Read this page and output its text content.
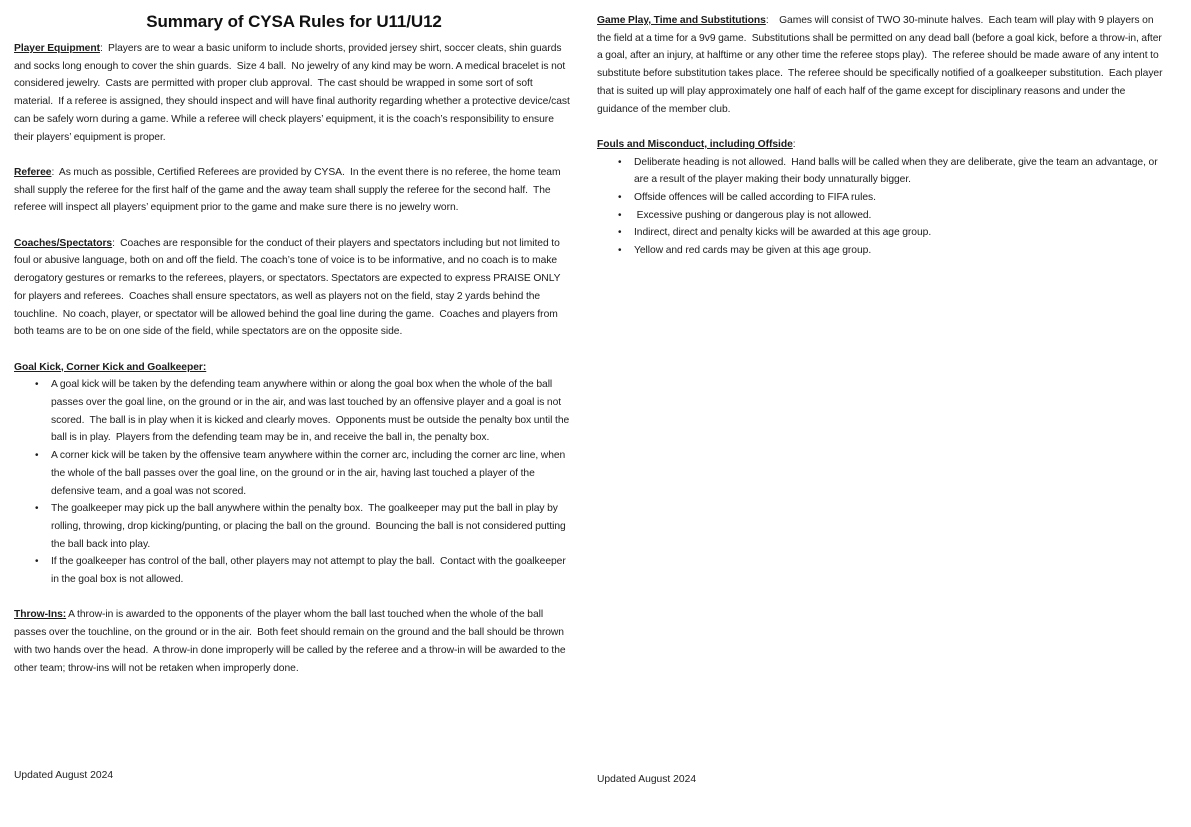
Summary of CYSA Rules for U11/U12

Player Equipment:  Players are to wear a basic uniform to include shorts, provided jersey shirt, soccer cleats, shin guards and socks long enough to cover the shin guards.  Size 4 ball.  No jewelry of any kind may be worn. A medical bracelet is not considered jewelry.  Casts are permitted with proper club approval.  The cast should be wrapped in some sort of soft material.  If a referee is assigned, they should inspect and will have final authority regarding whether a protective device/cast can be safely worn during a game. While a referee will check players’ equipment, it is the coach’s responsibility to ensure their players’ equipment is proper.

Referee:  As much as possible, Certified Referees are provided by CYSA.  In the event there is no referee, the home team shall supply the referee for the first half of the game and the away team shall supply the referee for the second half.  The referee will inspect all players’ equipment prior to the game and make sure there is no jewelry worn.

Coaches/Spectators:  Coaches are responsible for the conduct of their players and spectators including but not limited to foul or abusive language, both on and off the field. The coach’s tone of voice is to be informative, and no coach is to make derogatory gestures or remarks to the referees, players, or spectators. Spectators are expected to express PRAISE ONLY for players and referees.  Coaches shall ensure spectators, as well as players not on the field, stay 2 yards behind the touchline.  No coach, player, or spectator will be allowed behind the goal line during the game.  Coaches and players from both teams are to be on one side of the field, while spectators are on the opposite side.

Goal Kick, Corner Kick and Goalkeeper:

• A goal kick will be taken by the defending team anywhere within or along the goal box when the whole of the ball passes over the goal line, on the ground or in the air, and was last touched by an offensive player and a goal is not scored.  The ball is in play when it is kicked and clearly moves.  Opponents must be outside the penalty box until the ball is in play.  Players from the defending team may be in, and receive the ball in, the penalty box.
• A corner kick will be taken by the offensive team anywhere within the corner arc, including the corner arc line, when the whole of the ball passes over the goal line, on the ground or in the air, having last touched a player of the defensive team, and a goal was not scored.
• The goalkeeper may pick up the ball anywhere within the penalty box.  The goalkeeper may put the ball in play by rolling, throwing, drop kicking/punting, or placing the ball on the ground.  Bouncing the ball is not considered putting the ball back into play.
• If the goalkeeper has control of the ball, other players may not attempt to play the ball.  Contact with the goalkeeper in the goal box is not allowed.

Throw-Ins: A throw-in is awarded to the opponents of the player whom the ball last touched when the whole of the ball passes over the touchline, on the ground or in the air.  Both feet should remain on the ground and the ball should be thrown with two hands over the head.  A throw-in done improperly will be called by the referee and a throw-in will be awarded to the other team; throw-ins will not be retaken when improperly done.

Updated August 2024

Game Play, Time and Substitutions:    Games will consist of TWO 30-minute halves.  Each team will play with 9 players on the field at a time for a 9v9 game.  Substitutions shall be permitted on any dead ball (before a goal kick, before a throw-in, after a goal, after an injury, at halftime or any other time the referee stops play).  The referee should be made aware of any intent to substitute before substitution takes place.  The referee should be specifically notified of a goalkeeper substitution.  Each player that is suited up will play approximately one half of each half of the game except for disciplinary reasons and under the guidance of the member club.

Fouls and Misconduct, including Offside:

• Deliberate heading is not allowed.  Hand balls will be called when they are deliberate, give the team an advantage, or are a result of the player making their body unnaturally bigger.
• Offside offences will be called according to FIFA rules.
• Excessive pushing or dangerous play is not allowed.
• Indirect, direct and penalty kicks will be awarded at this age group.
• Yellow and red cards may be given at this age group.

Updated August 2024
